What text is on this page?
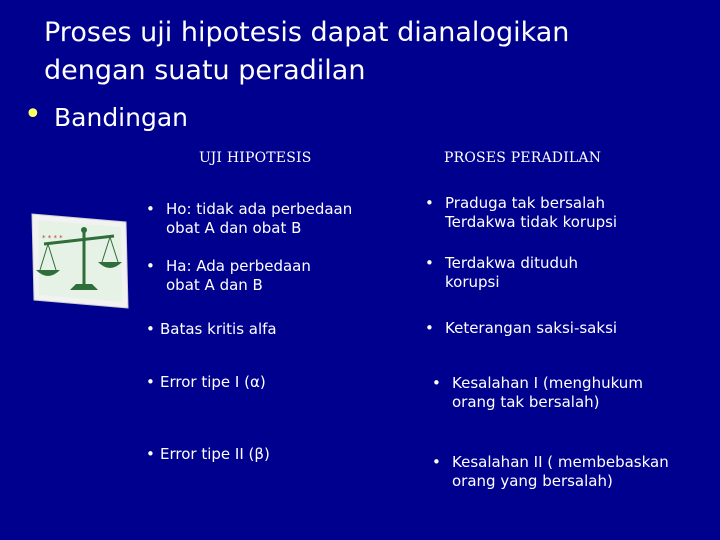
Proses uji hipotesis dapat dianalogikan
dengan suatu peradilan
• Bandingan
* * * *
UJI HIPOTESIS	PROSES PERADILAN
• Ho: tidak ada perbedaan
obat A dan obat B
• Ha: Ada perbedaan
obat A dan B
• Batas kritis alfa
• Error tipe I (α)
• Error tipe II (β)
• Praduga tak bersalah
Terdakwa tidak korupsi
• Terdakwa dituduh
korupsi
• Keterangan saksi-saksi
• Kesalahan I (menghukum
orang tak bersalah)
• Kesalahan II ( membebaskan
orang yang bersalah)
